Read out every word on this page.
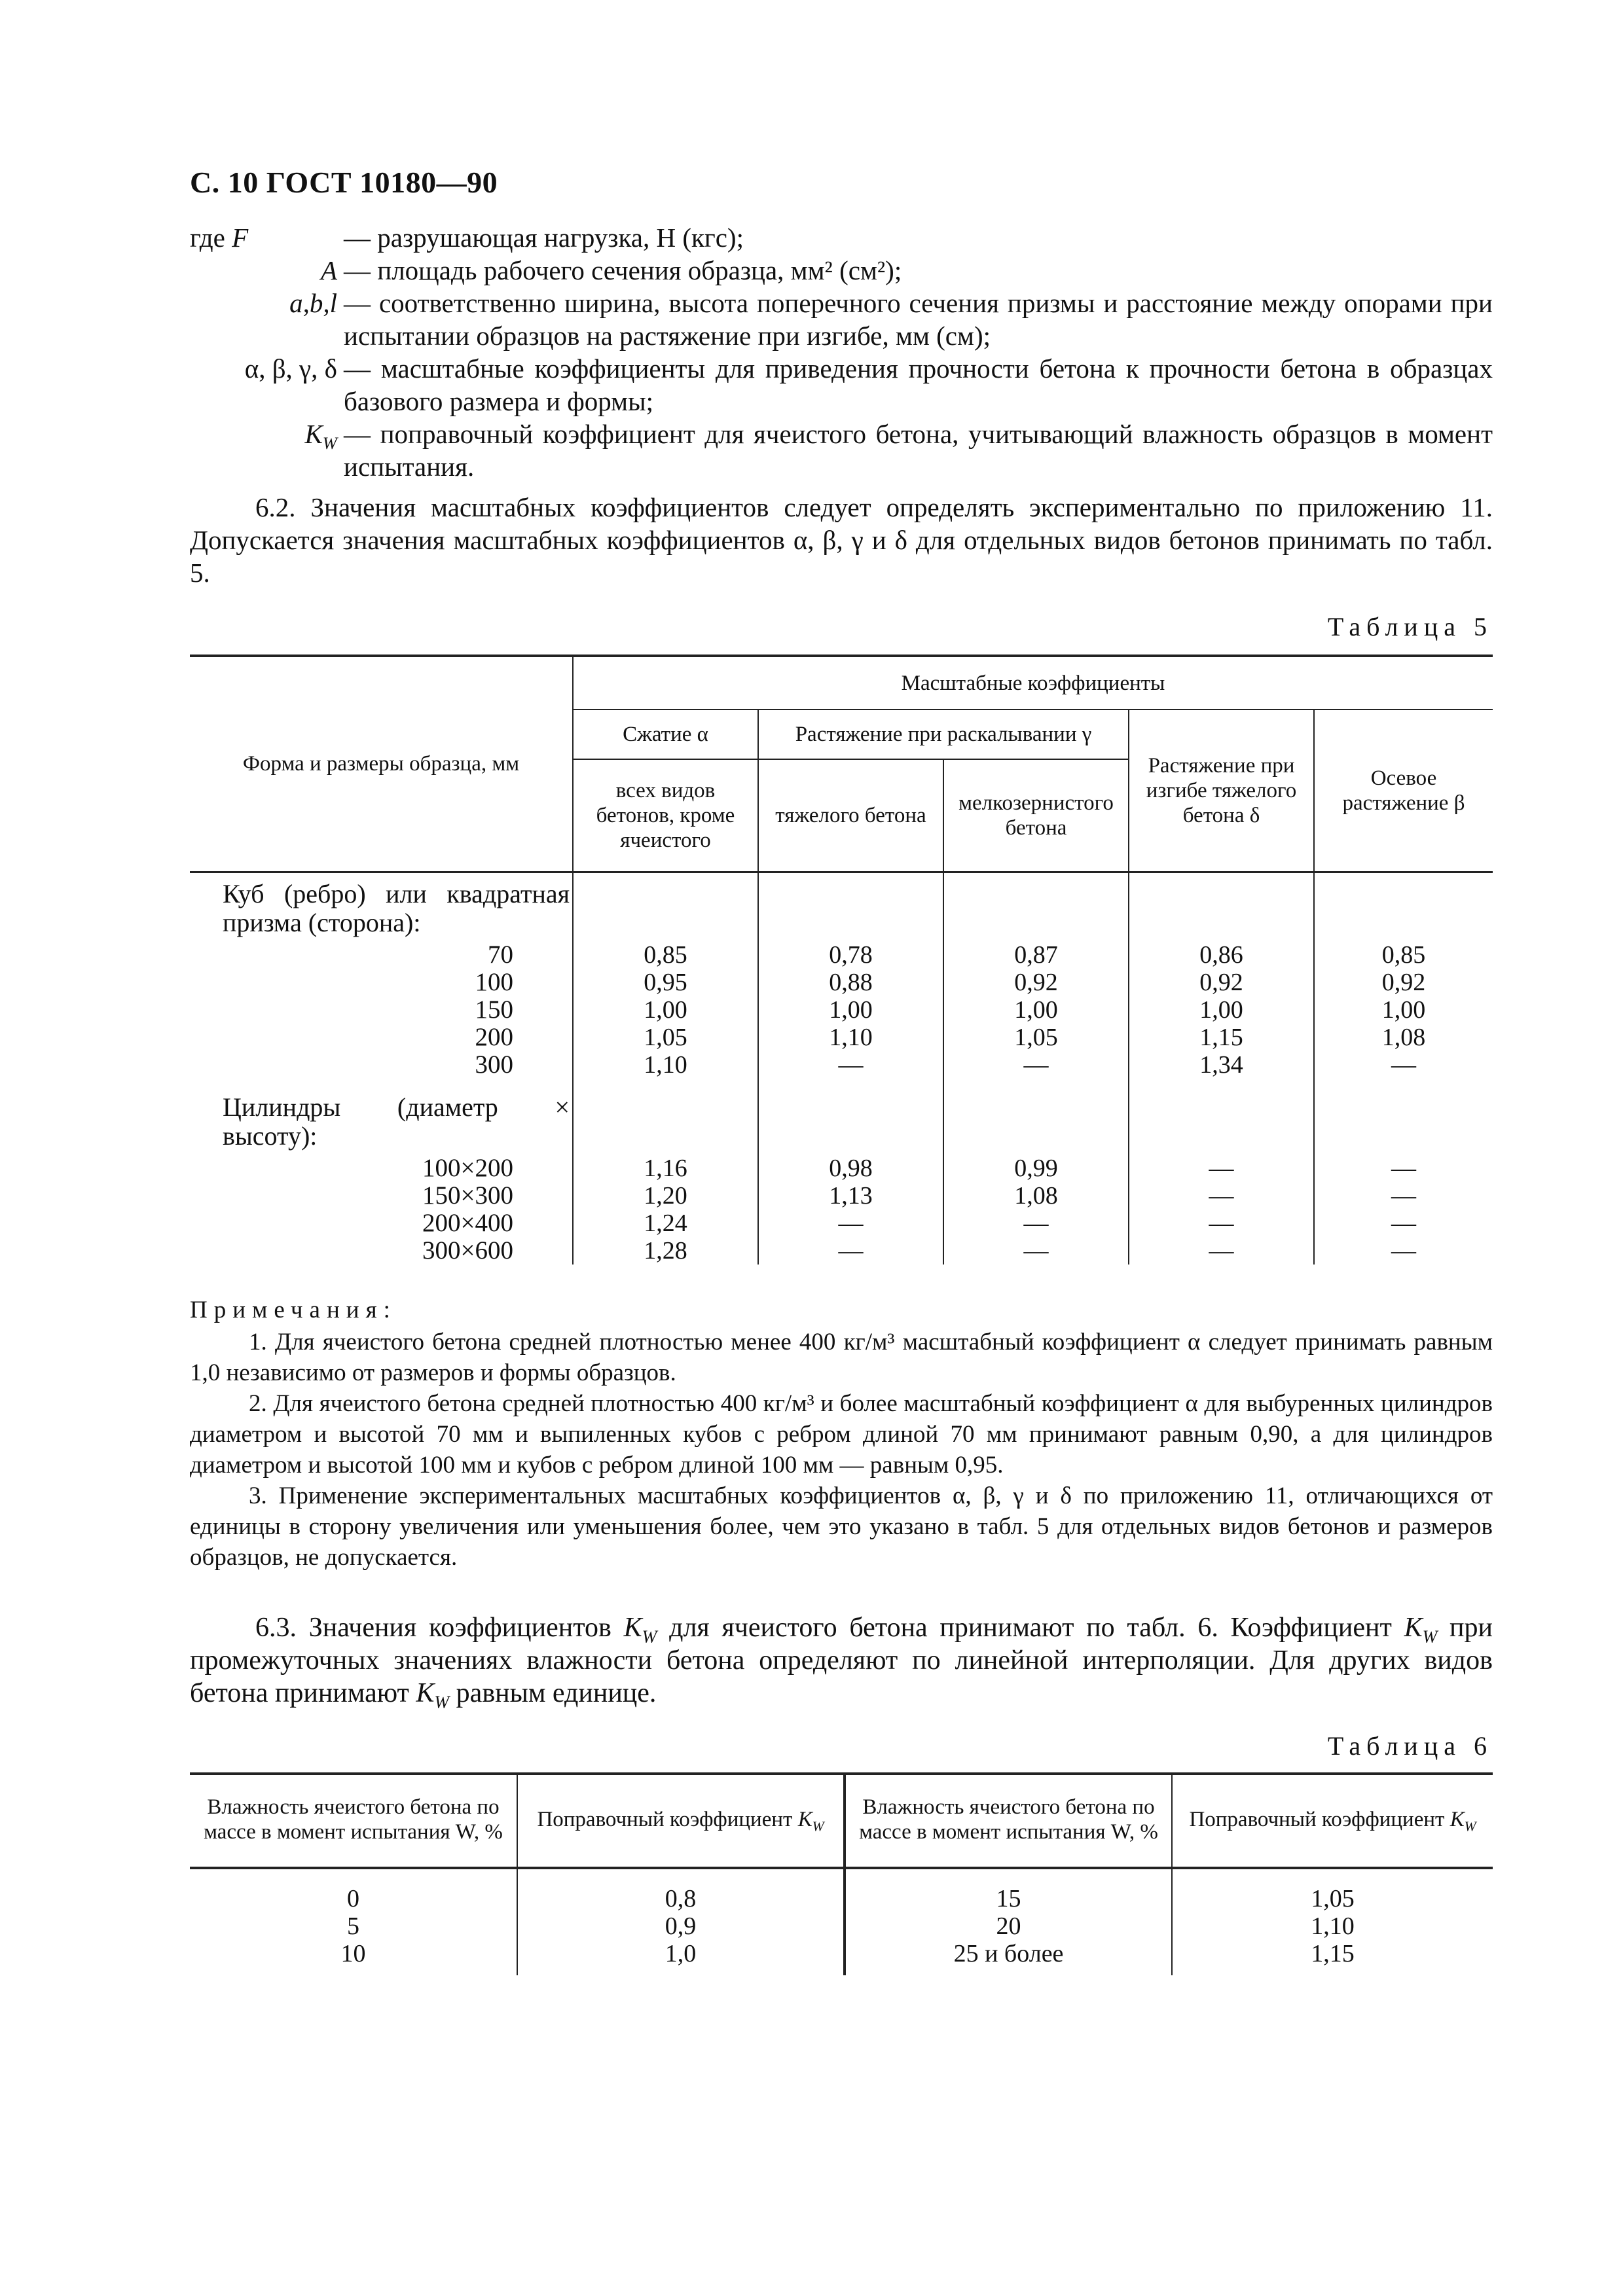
С. 10 ГОСТ 10180—90
где F	— разрушающая нагрузка, Н (кгс);
A — площадь рабочего сечения образца, мм² (см²);
a,b,l — соответственно ширина, высота поперечного сечения призмы и расстояние между опорами при испытании образцов на растяжение при изгибе, мм (см);
α, β, γ, δ — масштабные коэффициенты для приведения прочности бетона к прочности бетона в образцах базового размера и формы;
$K_W$ — поправочный коэффициент для ячеистого бетона, учитывающий влажность образцов в момент испытания.
6.2. Значения масштабных коэффициентов следует определять экспериментально по приложению 11. Допускается значения масштабных коэффициентов α, β, γ и δ для отдельных видов бетонов принимать по табл. 5.
Таблица 5
Форма и размеры образца, мм	Масштабные коэффициенты				
	Сжатие α	Растяжение при раскалывании γ		Растяжение при изгибе тяжелого бетона δ	Осевое растяжение β
	всех видов бетонов, кроме ячеистого	тяжелого бетона	мелкозернистого бетона		
Куб (ребро) или квадратная призма (сторона):					
70	0,85	0,78	0,87	0,86	0,85
100	0,95	0,88	0,92	0,92	0,92
150	1,00	1,00	1,00	1,00	1,00
200	1,05	1,10	1,05	1,15	1,08
300	1,10	—	—	1,34	—
Цилиндры (диаметр × высоту):					
100×200	1,16	0,98	0,99	—	—
150×300	1,20	1,13	1,08	—	—
200×400	1,24	—	—	—	—
300×600	1,28	—	—	—	—
Примечания:

1. Для ячеистого бетона средней плотностью менее 400 кг/м³ масштабный коэффициент α следует принимать равным 1,0 независимо от размеров и формы образцов.

2. Для ячеистого бетона средней плотностью 400 кг/м³ и более масштабный коэффициент α для выбуренных цилиндров диаметром и высотой 70 мм и выпиленных кубов с ребром длиной 70 мм принимают равным 0,90, а для цилиндров диаметром и высотой 100 мм и кубов с ребром длиной 100 мм — равным 0,95.

3. Применение экспериментальных масштабных коэффициентов α, β, γ и δ по приложению 11, отличающихся от единицы в сторону увеличения или уменьшения более, чем это указано в табл. 5 для отдельных видов бетонов и размеров образцов, не допускается.

6.3. Значения коэффициентов $K_W$ для ячеистого бетона принимают по табл. 6. Коэффициент $K_W$ при промежуточных значениях влажности бетона определяют по линейной интерполяции. Для других видов бетона принимают $K_W$ равным единице.
Таблица 6
Влажность ячеистого бетона по массе в момент испытания W, %	Поправочный коэффициент $K_W$	Влажность ячеистого бетона по массе в момент испытания W, %	Поправочный коэффициент $K_W$
0	0,8	15	1,05
5	0,9	20	1,10
10	1,0	25 и более	1,15
